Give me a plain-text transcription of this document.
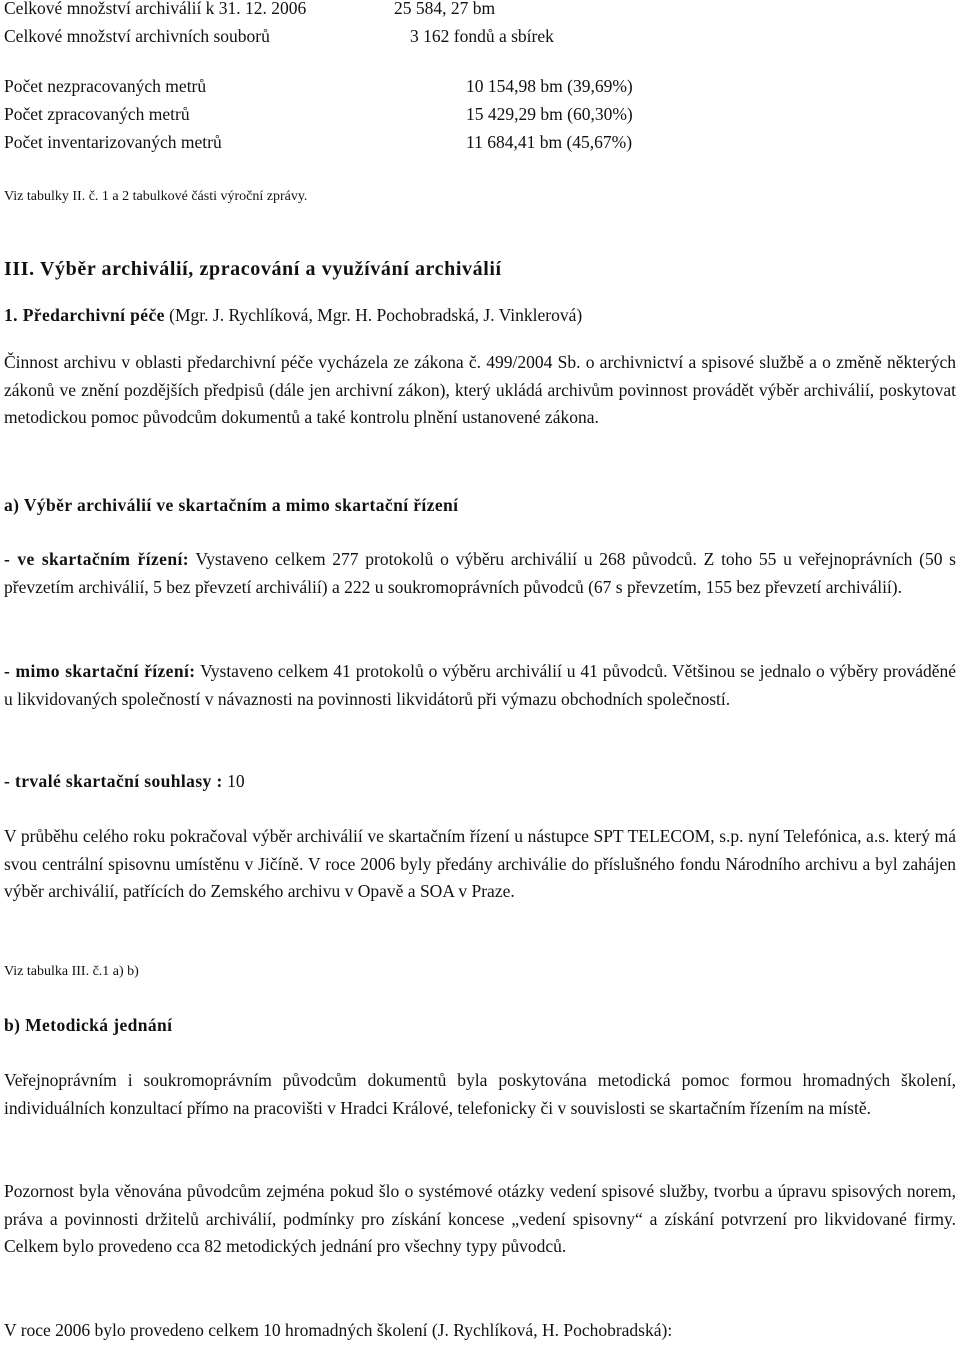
Celkové množství archiválií k 31. 12. 2006	25 584, 27 bm
Celkové množství archivních souborů	3 162 fondů a sbírek
Počet nezpracovaných metrů	10 154,98 bm (39,69%)
Počet zpracovaných metrů	15 429,29 bm (60,30%)
Počet inventarizovaných metrů	11 684,41 bm (45,67%)
Viz tabulky II. č. 1 a 2 tabulkové části výroční zprávy.
III. Výběr archiválií, zpracování a využívání archiválií
1. Předarchivní péče (Mgr. J. Rychlíková, Mgr. H. Pochobradská, J. Vinklerová)
Činnost archivu v oblasti předarchivní péče vycházela ze zákona č. 499/2004 Sb. o archivnictví a spisové službě a o změně některých zákonů ve znění pozdějších předpisů (dále jen archivní zákon), který ukládá archivům povinnost provádět výběr archiválií, poskytovat metodickou pomoc původcům dokumentů a také kontrolu plnění ustanovené zákona.
a) Výběr archiválií ve skartačním a mimo skartační řízení
- ve skartačním řízení: Vystaveno celkem 277 protokolů o výběru archiválií u 268 původců. Z toho 55 u veřejnoprávních (50 s převzetím archiválií, 5 bez převzetí archiválií) a 222 u soukromoprávních původců (67 s převzetím, 155 bez převzetí archiválií).
- mimo skartační řízení: Vystaveno celkem 41 protokolů o výběru archiválií u 41 původců. Většinou se jednalo o výběry prováděné u likvidovaných společností v návaznosti na povinnosti likvidátorů při výmazu obchodních společností.
- trvalé skartační souhlasy : 10
V průběhu celého roku pokračoval výběr archiválií ve skartačním řízení u nástupce SPT TELECOM, s.p. nyní Telefónica, a.s. který má svou centrální spisovnu umístěnu v Jičíně. V roce 2006 byly předány archiválie do příslušného fondu Národního archivu a byl zahájen výběr archiválií, patřících do Zemského archivu v Opavě a SOA v Praze.
Viz tabulka III. č.1 a) b)
b) Metodická jednání
Veřejnoprávním i soukromoprávním původcům dokumentů byla poskytována metodická pomoc formou hromadných školení, individuálních konzultací přímo na pracovišti v Hradci Králové, telefonicky či v souvislosti se skartačním řízením na místě.
Pozornost byla věnována původcům zejména pokud šlo o systémové otázky vedení spisové služby, tvorbu a úpravu spisových norem, práva a povinnosti držitelů archiválií, podmínky pro získání koncese „vedení spisovny“ a získání potvrzení pro likvidované firmy. Celkem bylo provedeno cca 82 metodických jednání pro všechny typy původců.
V roce 2006 bylo provedeno celkem 10 hromadných školení (J. Rychlíková, H. Pochobradská):
